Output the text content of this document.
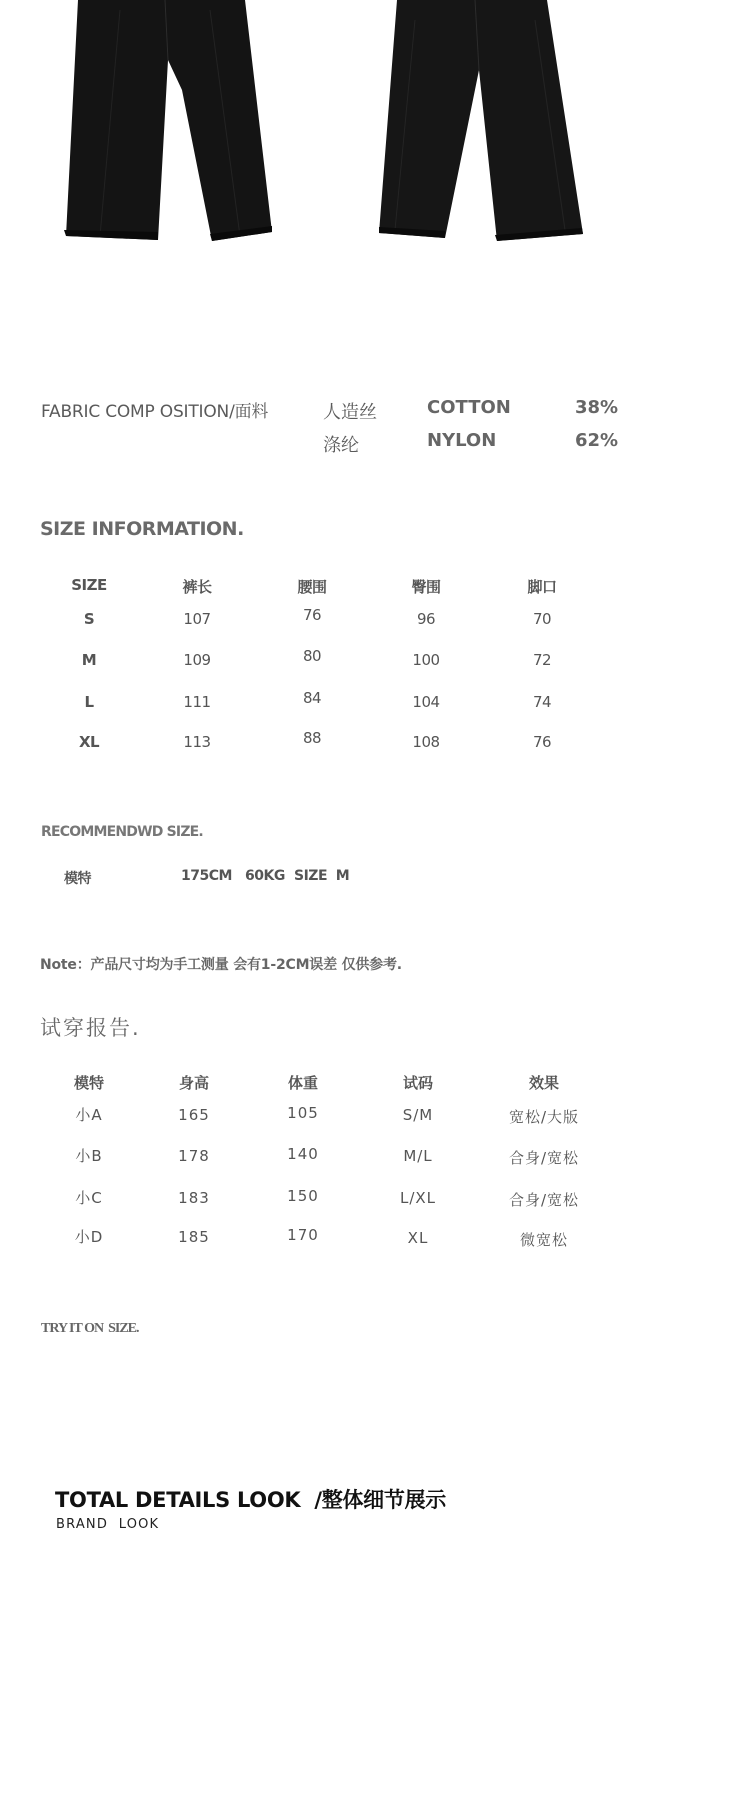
FABRIC COMP OSITION/面料	人造丝	COTTON	38%
涤纶	NYLON	62%
SIZE INFORMATION.
SIZE	裤长	腰围	臀围	脚口
S	107	76	96	70
M	109	80	100	72
L	111	84	104	74
XL	113	88	108	76
RECOMMENDWD SIZE.
模特	175CM 60KG SIZE  M
Note：产品尺寸均为手工测量 会有1-2CM误差 仅供参考.
试穿报告.
模特	身高	体重	试码	效果
小A	165	105	S/M	宽松/大版
小B	178	140	M/L	合身/宽松
小C	183	150	L/XL	合身/宽松
小D	185	170	XL	微宽松
TRY IT ON  SIZE.
TOTAL DETAILS LOOK  /整体细节展示
BRAND  LOOK
